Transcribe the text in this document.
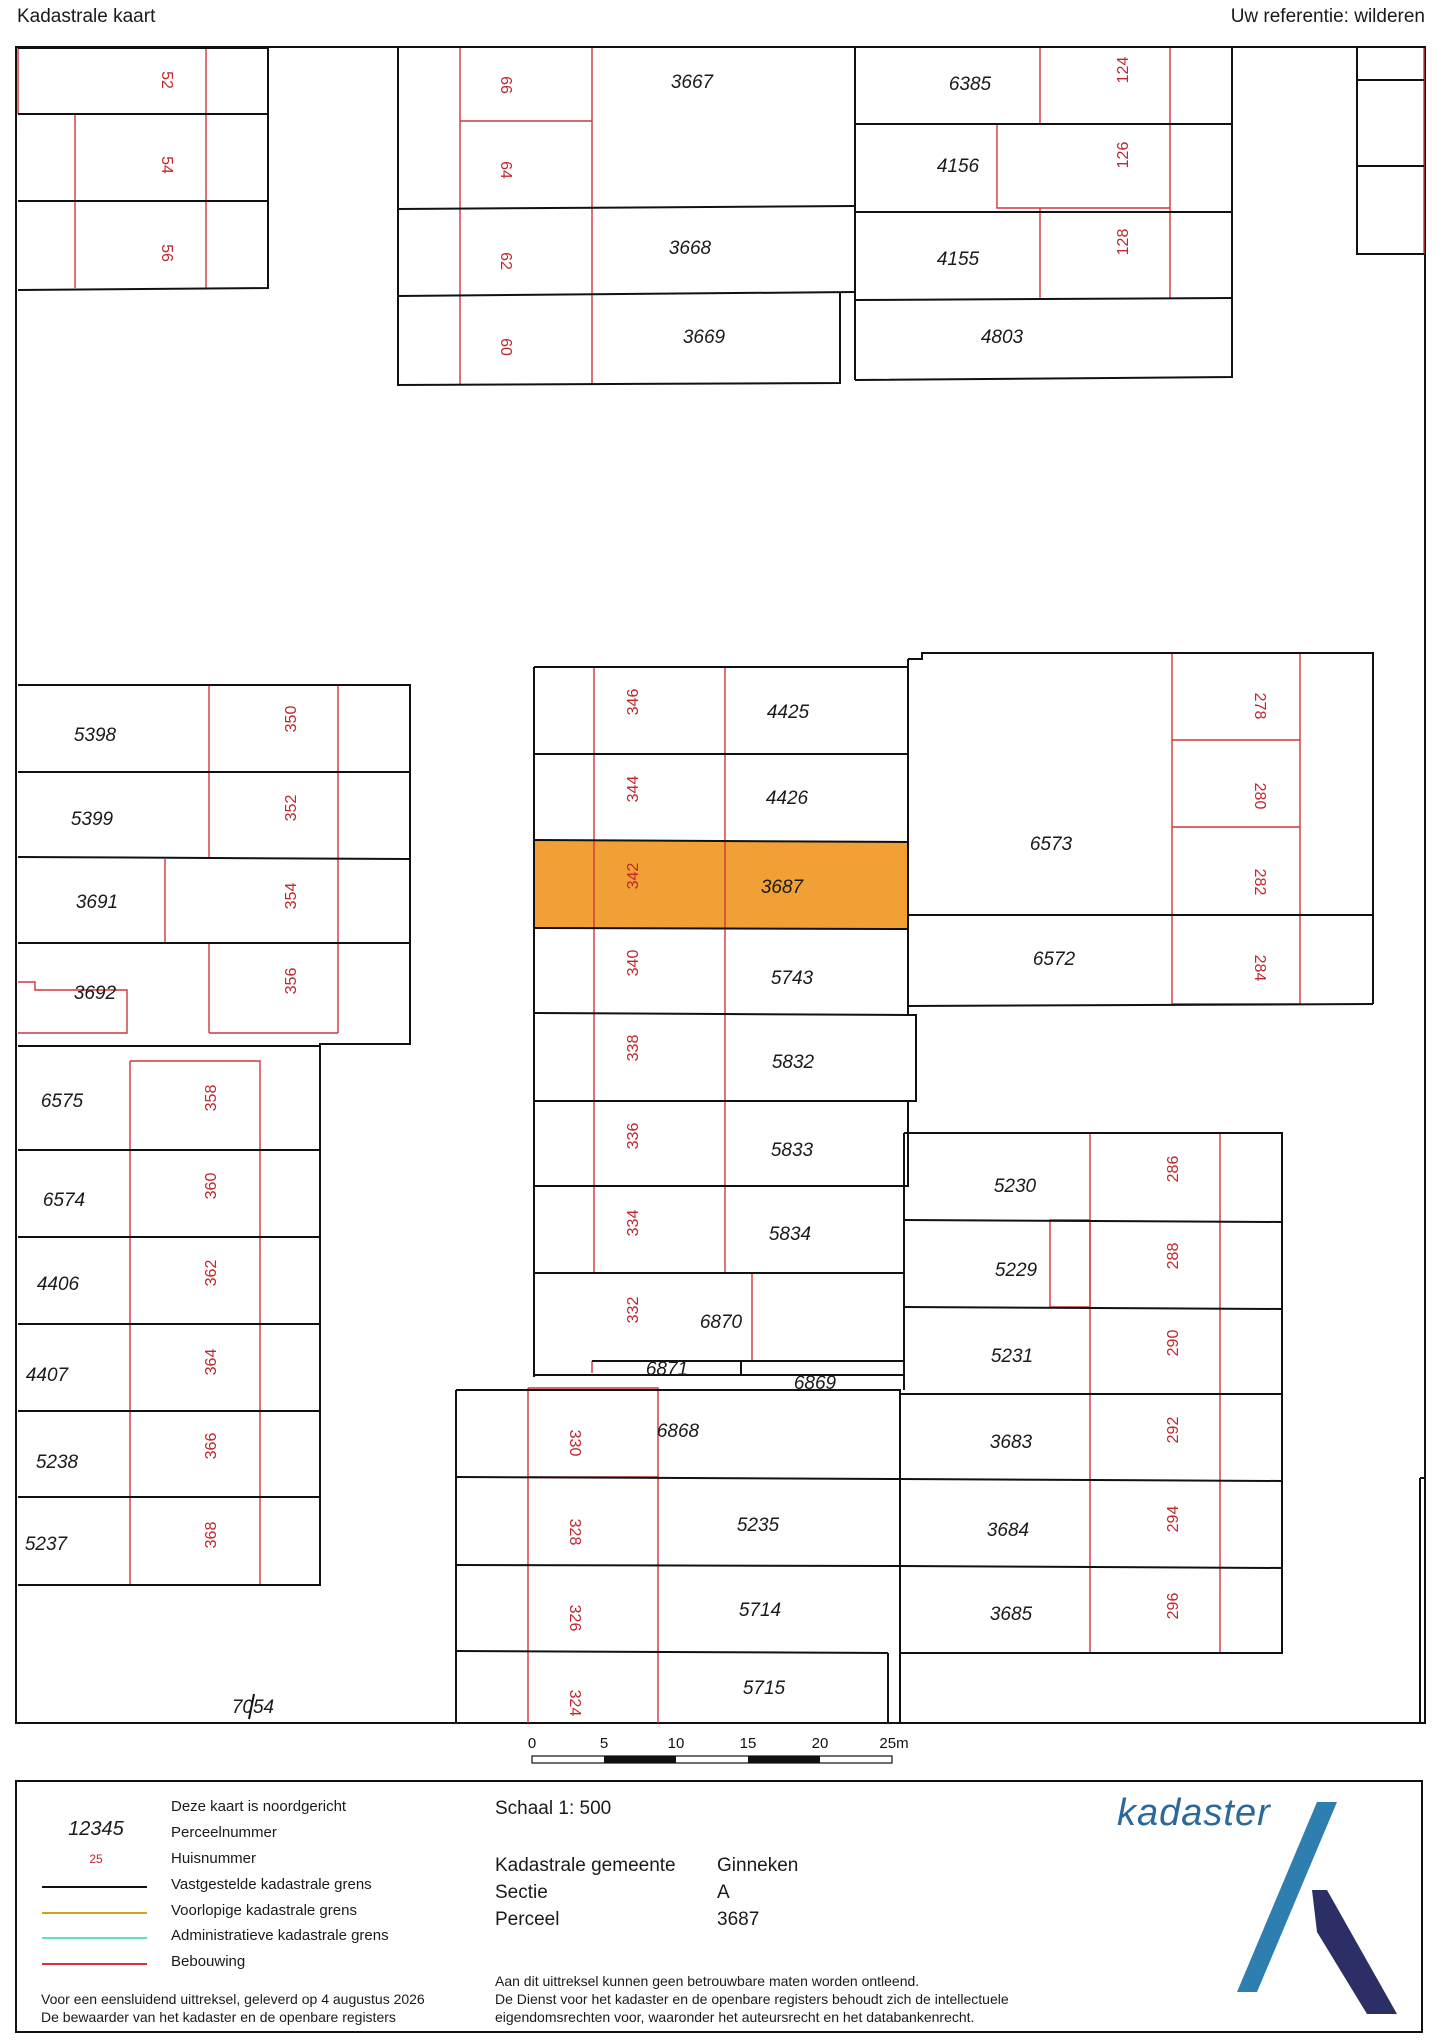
Kadastrale kaart	Uw referentie: wilderen
3667	6385
4156
3668
4155
3669	4803
5398
5399
3691
3692
4425
4426
3687
5743
5832
5833
5834
6870
6871
6869
6868
5235
5714
5715
6573
6572
5230
5229
5231
3683
3684
3685
6575
6574
4406
4407
5238
5237
7054
52
54
56
66
64
62
60
124
126
128
350
352
354
356
346
344
342
340
338
336
334
332
330
328
326
324
278
280
282
284
286
288
290
292
294
296
358
360
362
364
366
368
0	5	10	15	20	25m
Deze kaart is noordgericht
12345	Perceelnummer
25	Huisnummer
Vastgestelde kadastrale grens
Voorlopige kadastrale grens
Administratieve kadastrale grens
Bebouwing
Voor een eensluidend uittreksel, geleverd op 4 augustus 2026
De bewaarder van het kadaster en de openbare registers
Schaal 1: 500
Kadastrale gemeente Ginneken
Sectie	A
Perceel	3687
Aan dit uittreksel kunnen geen betrouwbare maten worden ontleend.
De Dienst voor het kadaster en de openbare registers behoudt zich de intellectuele
eigendomsrechten voor, waaronder het auteursrecht en het databankenrecht.
kadaster
